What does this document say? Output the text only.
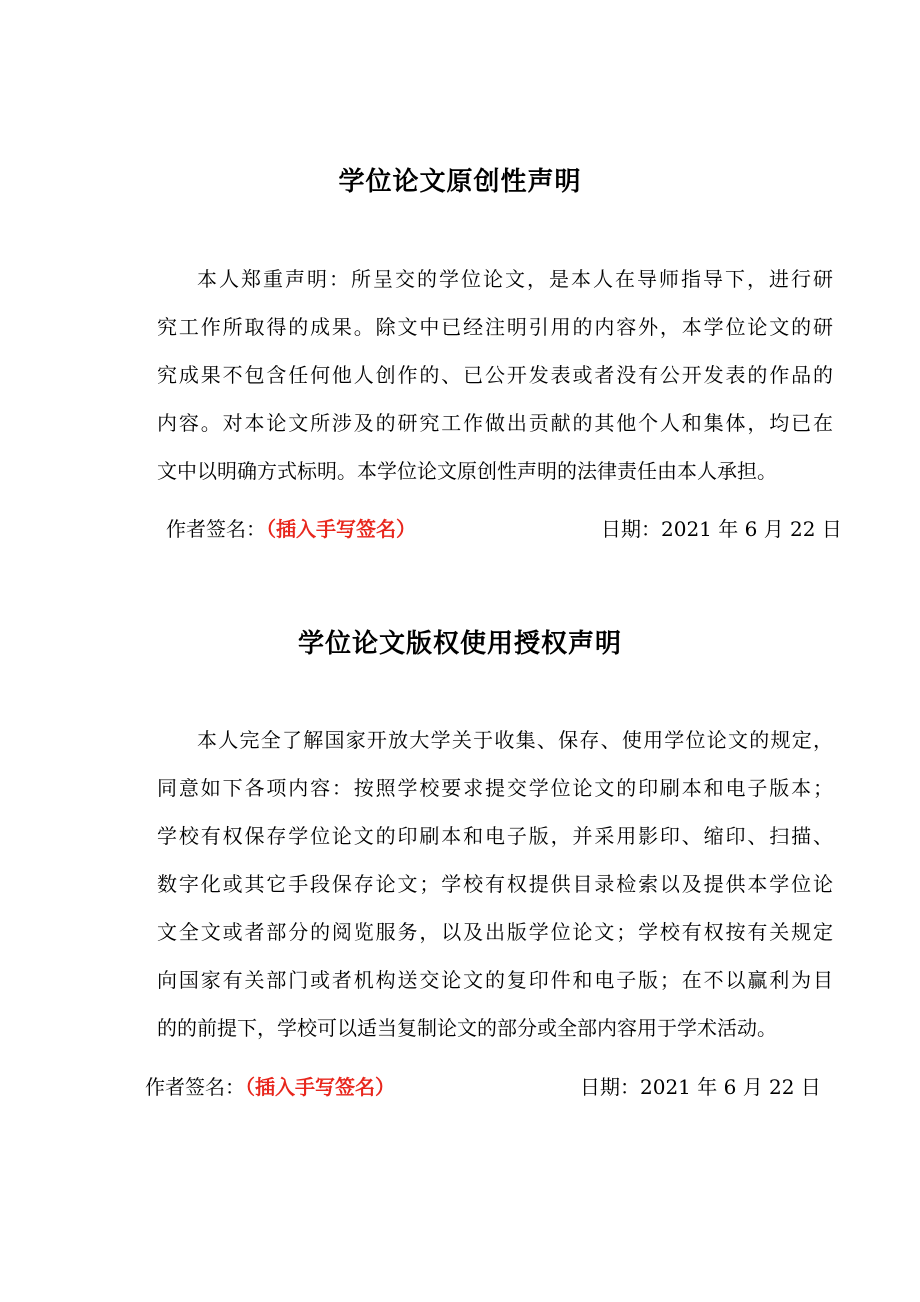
学位论文原创性声明
本人郑重声明：所呈交的学位论文，是本人在导师指导下，进行研
究工作所取得的成果。除文中已经注明引用的内容外，本学位论文的研
究成果不包含任何他人创作的、已公开发表或者没有公开发表的作品的
内容。对本论文所涉及的研究工作做出贡献的其他个人和集体，均已在
文中以明确方式标明。本学位论文原创性声明的法律责任由本人承担。
作者签名：（插入手写签名）	日期：2021 年 6 月 22 日
学位论文版权使用授权声明
本人完全了解国家开放大学关于收集、保存、使用学位论文的规定，
同意如下各项内容：按照学校要求提交学位论文的印刷本和电子版本；
学校有权保存学位论文的印刷本和电子版，并采用影印、缩印、扫描、
数字化或其它手段保存论文；学校有权提供目录检索以及提供本学位论
文全文或者部分的阅览服务，以及出版学位论文；学校有权按有关规定
向国家有关部门或者机构送交论文的复印件和电子版；在不以赢利为目
的的前提下，学校可以适当复制论文的部分或全部内容用于学术活动。
作者签名：（插入手写签名）	日期：2021 年 6 月 22 日
